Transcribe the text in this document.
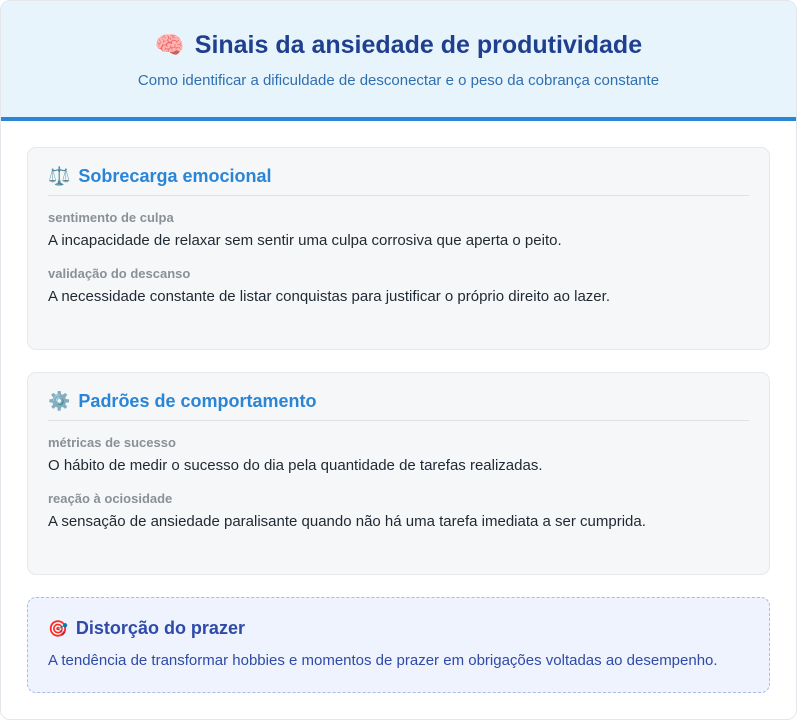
🧠 Sinais da ansiedade de produtividade
Como identificar a dificuldade de desconectar e o peso da cobrança constante
⚖️ Sobrecarga emocional
sentimento de culpa
A incapacidade de relaxar sem sentir uma culpa corrosiva que aperta o peito.
validação do descanso
A necessidade constante de listar conquistas para justificar o próprio direito ao lazer.
⚙️ Padrões de comportamento
métricas de sucesso
O hábito de medir o sucesso do dia pela quantidade de tarefas realizadas.
reação à ociosidade
A sensação de ansiedade paralisante quando não há uma tarefa imediata a ser cumprida.
🎯 Distorção do prazer
A tendência de transformar hobbies e momentos de prazer em obrigações voltadas ao desempenho.
